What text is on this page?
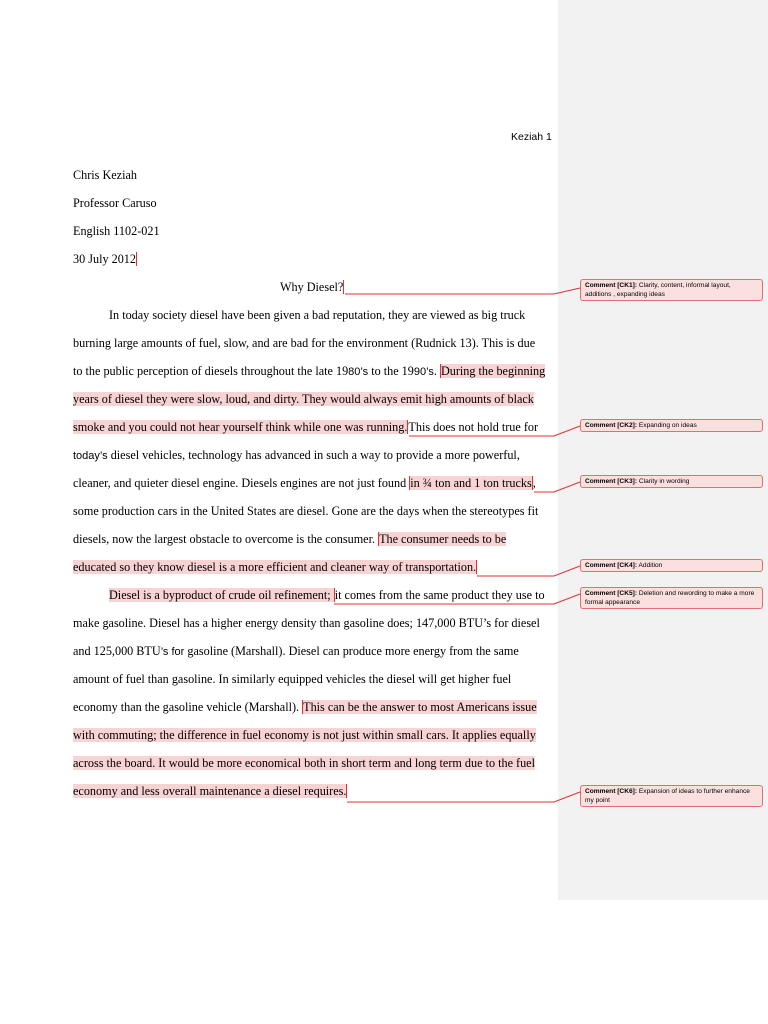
Keziah 1
Chris Keziah
Professor Caruso
English 1102-021
30 July 2012
Why Diesel?
In today society diesel have been given a bad reputation, they are viewed as big truck
burning large amounts of fuel, slow, and are bad for the environment (Rudnick 13). This is due
to the public perception of diesels throughout the late 1980’s to the 1990’s. During the beginning
years of diesel they were slow, loud, and dirty. They would always emit high amounts of black
smoke and you could not hear yourself think while one was running.This does not hold true for
today’s diesel vehicles, technology has advanced in such a way to provide a more powerful,
cleaner, and quieter diesel engine. Diesels engines are not just found in ¾ ton and 1 ton trucks,
some production cars in the United States are diesel. Gone are the days when the stereotypes fit
diesels, now the largest obstacle to overcome is the consumer. The consumer needs to be
educated so they know diesel is a more efficient and cleaner way of transportation.
Diesel is a byproduct of crude oil refinement; it comes from the same product they use to
make gasoline. Diesel has a higher energy density than gasoline does; 147,000 BTU’s for diesel
and 125,000 BTU’s for gasoline (Marshall). Diesel can produce more energy from the same
amount of fuel than gasoline. In similarly equipped vehicles the diesel will get higher fuel
economy than the gasoline vehicle (Marshall). This can be the answer to most Americans issue
with commuting; the difference in fuel economy is not just within small cars. It applies equally
across the board. It would be more economical both in short term and long term due to the fuel
economy and less overall maintenance a diesel requires.
Comment [CK1]: Clarity, content, informal layout, additions , expanding ideas
Comment [CK2]: Expanding on ideas
Comment [CK3]: Clarity in wording
Comment [CK4]: Addition
Comment [CK5]: Deletion and rewording to make a more formal appearance
Comment [CK6]: Expansion of ideas to further enhance my point
